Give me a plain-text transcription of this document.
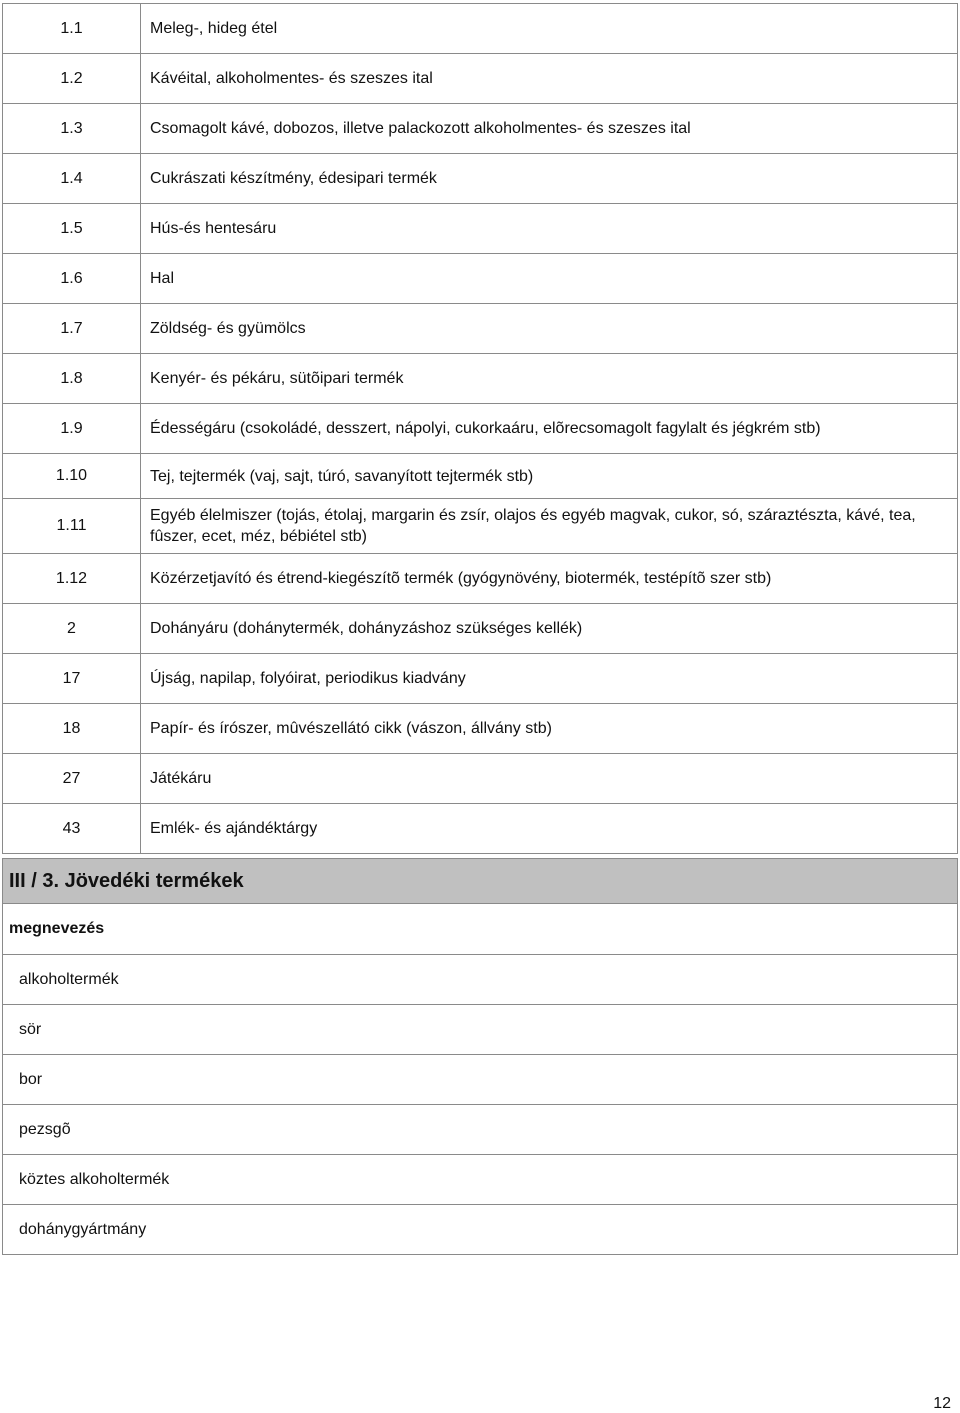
1.1	Meleg-, hideg étel
1.2	Kávéital, alkoholmentes- és szeszes ital
1.3	Csomagolt kávé, dobozos, illetve palackozott alkoholmentes- és szeszes ital
1.4	Cukrászati készítmény, édesipari termék
1.5	Hús-és hentesáru
1.6	Hal
1.7	Zöldség- és gyümölcs
1.8	Kenyér- és pékáru, sütõipari termék
1.9	Édességáru (csokoládé, desszert, nápolyi, cukorkaáru, elõrecsomagolt fagylalt és jégkrém stb)
1.10	Tej, tejtermék (vaj, sajt, túró, savanyított tejtermék stb)
1.11	Egyéb élelmiszer (tojás, étolaj, margarin és zsír, olajos és egyéb magvak, cukor, só, száraztészta, kávé, tea, fûszer, ecet, méz, bébiétel stb)
1.12	Közérzetjavító és étrend-kiegészítõ termék (gyógynövény, biotermék, testépítõ szer stb)
2	Dohányáru (dohánytermék, dohányzáshoz szükséges kellék)
17	Újság, napilap, folyóirat, periodikus kiadvány
18	Papír- és írószer, mûvészellátó cikk (vászon, állvány stb)
27	Játékáru
43	Emlék- és ajándéktárgy
III / 3. Jövedéki termékek
megnevezés
alkoholtermék

sör

bor

pezsgõ

köztes alkoholtermék

dohánygyártmány
12
